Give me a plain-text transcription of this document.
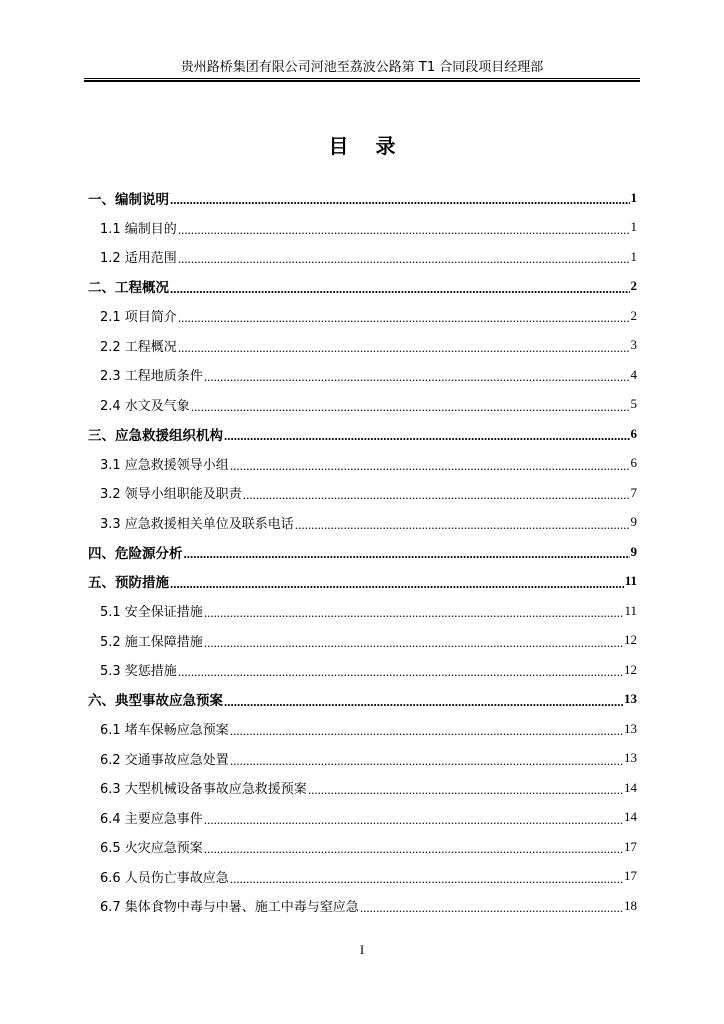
贵州路桥集团有限公司河池至荔波公路第 T1 合同段项目经理部
目 录
一、编制说明 .....	1
1.1 编制目的 .....	1
1.2 适用范围 .....	1
二、工程概况 .....	2
2.1 项目简介 .....	2
2.2 工程概况 .....	3
2.3 工程地质条件 .....	4
2.4 水文及气象 .....	5
三、应急救援组织机构 .....	6
3.1 应急救援领导小组 .....	6
3.2 领导小组职能及职责 .....	7
3.3 应急救援相关单位及联系电话 .....	9
四、危险源分析 .....	9
五、预防措施 .....	11
5.1 安全保证措施 .....	11
5.2 施工保障措施 .....	12
5.3 奖惩措施 .....	12
六、典型事故应急预案 .....	13
6.1 堵车保畅应急预案 .....	13
6.2 交通事故应急处置 .....	13
6.3 大型机械设备事故应急救援预案 .....	14
6.4 主要应急事件 .....	14
6.5 火灾应急预案 .....	17
6.6 人员伤亡事故应急 .....	17
6.7 集体食物中毒与中暑、施工中毒与窒应急 .....	18
I
